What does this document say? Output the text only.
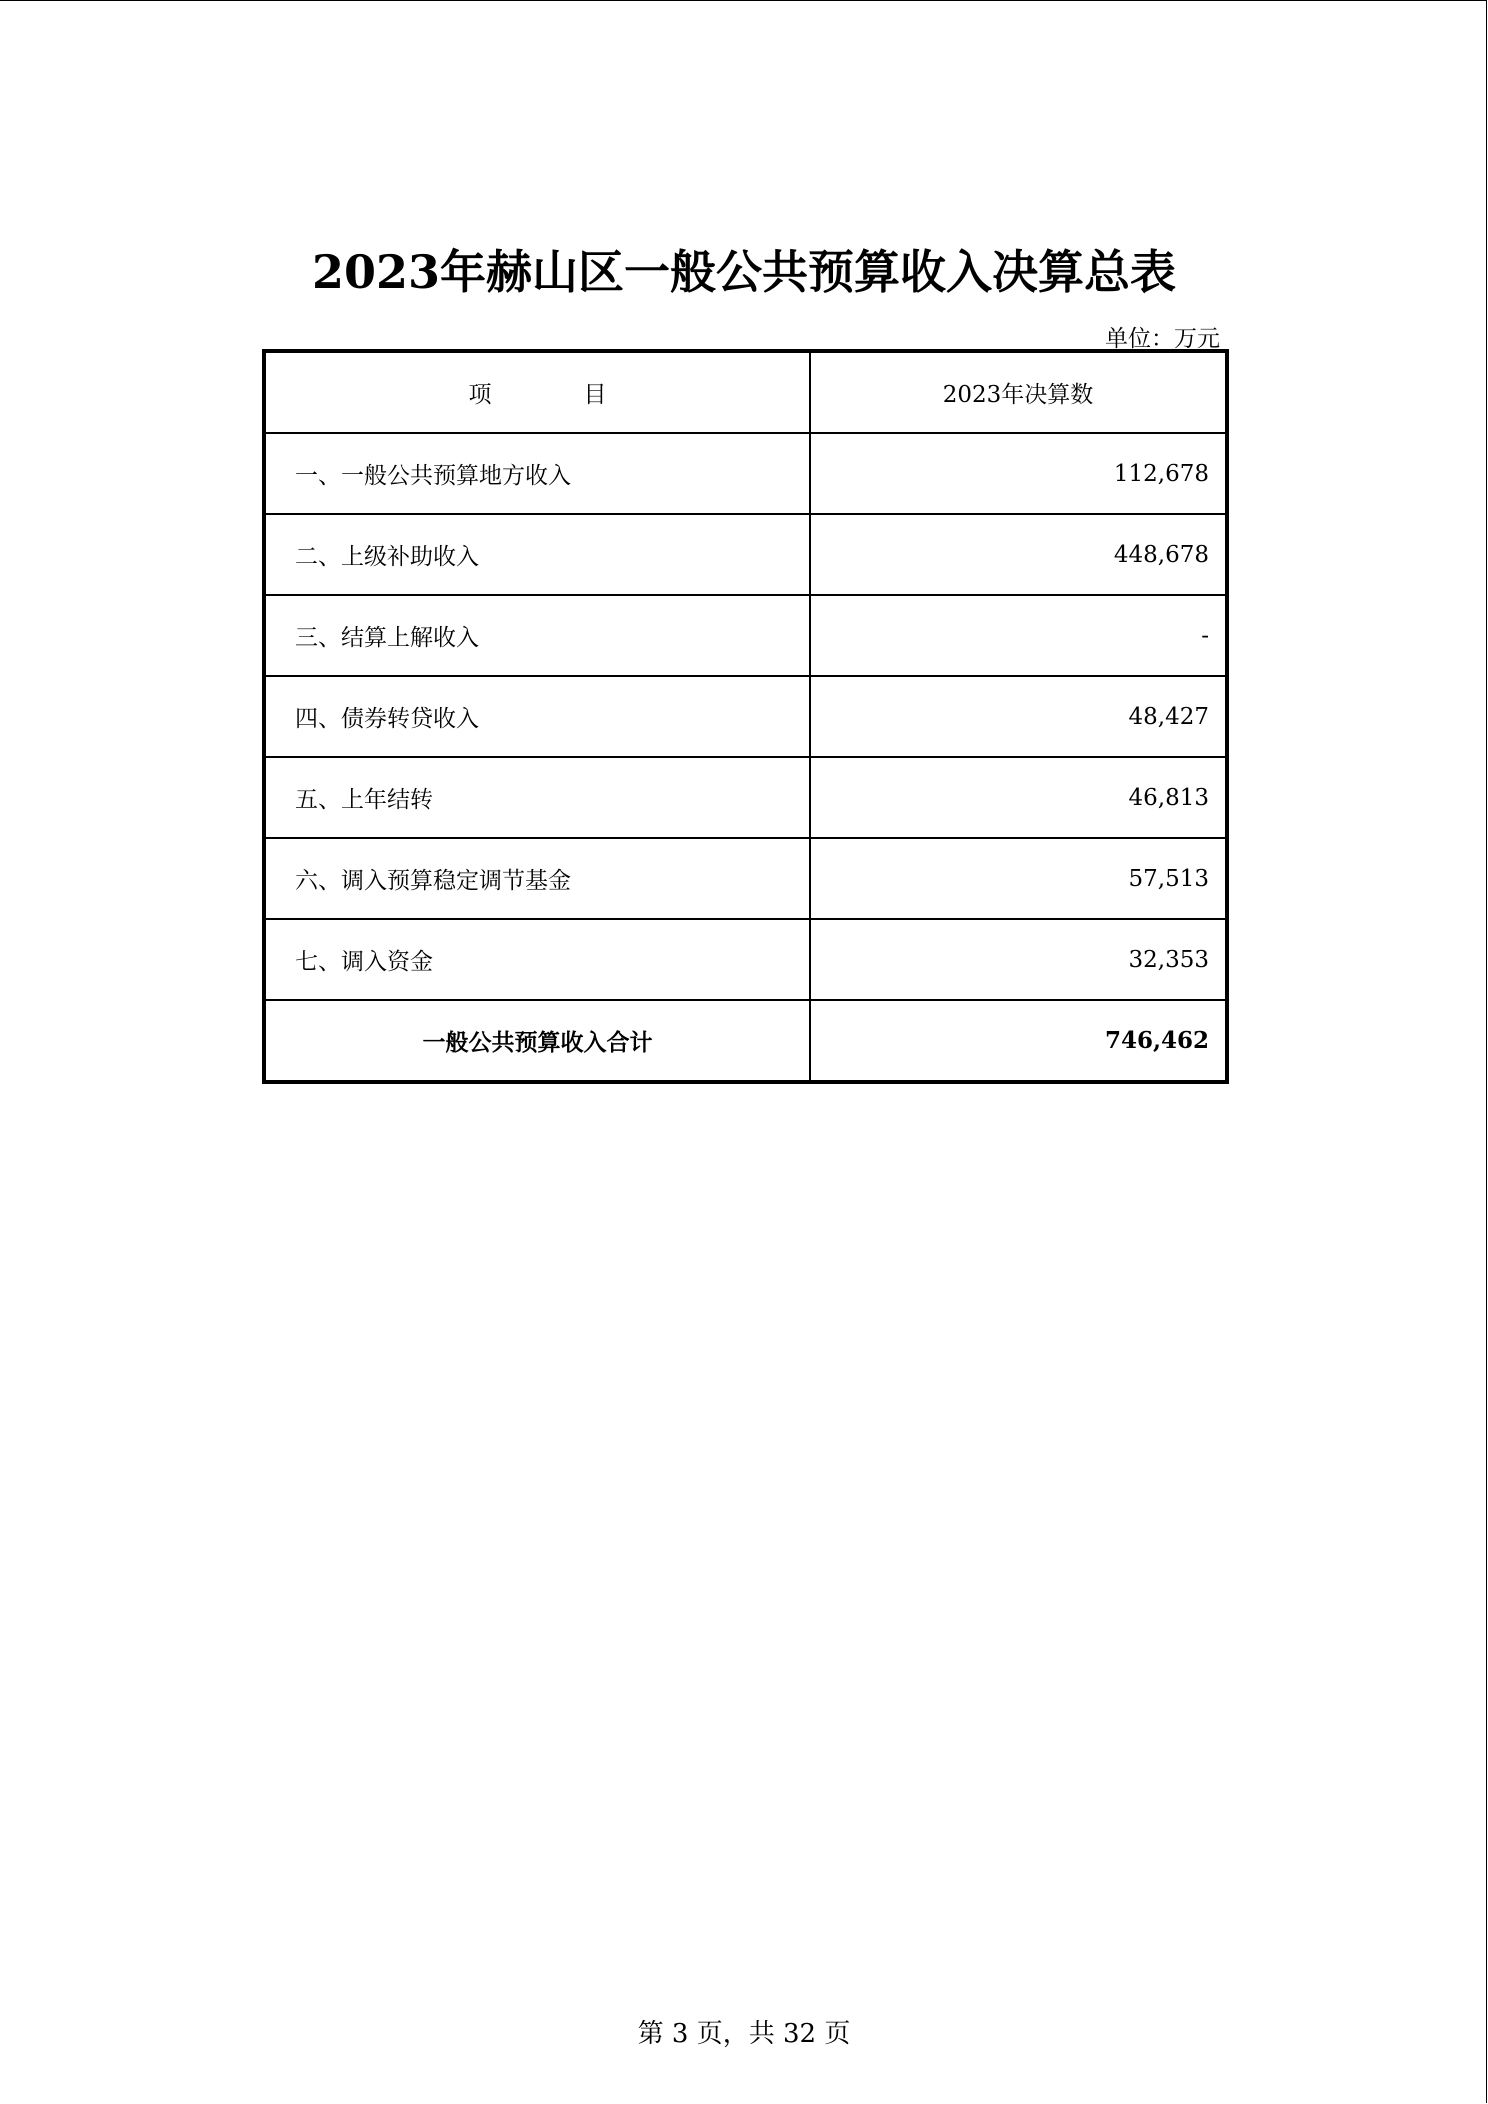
2023年赫山区一般公共预算收入决算总表
单位：万元
项 目	2023年决算数
一、一般公共预算地方收入	112,678
二、上级补助收入	448,678
三、结算上解收入	-
四、债券转贷收入	48,427
五、上年结转	46,813
六、调入预算稳定调节基金	57,513
七、调入资金	32,353
一般公共预算收入合计	746,462
第 3 页，共 32 页
